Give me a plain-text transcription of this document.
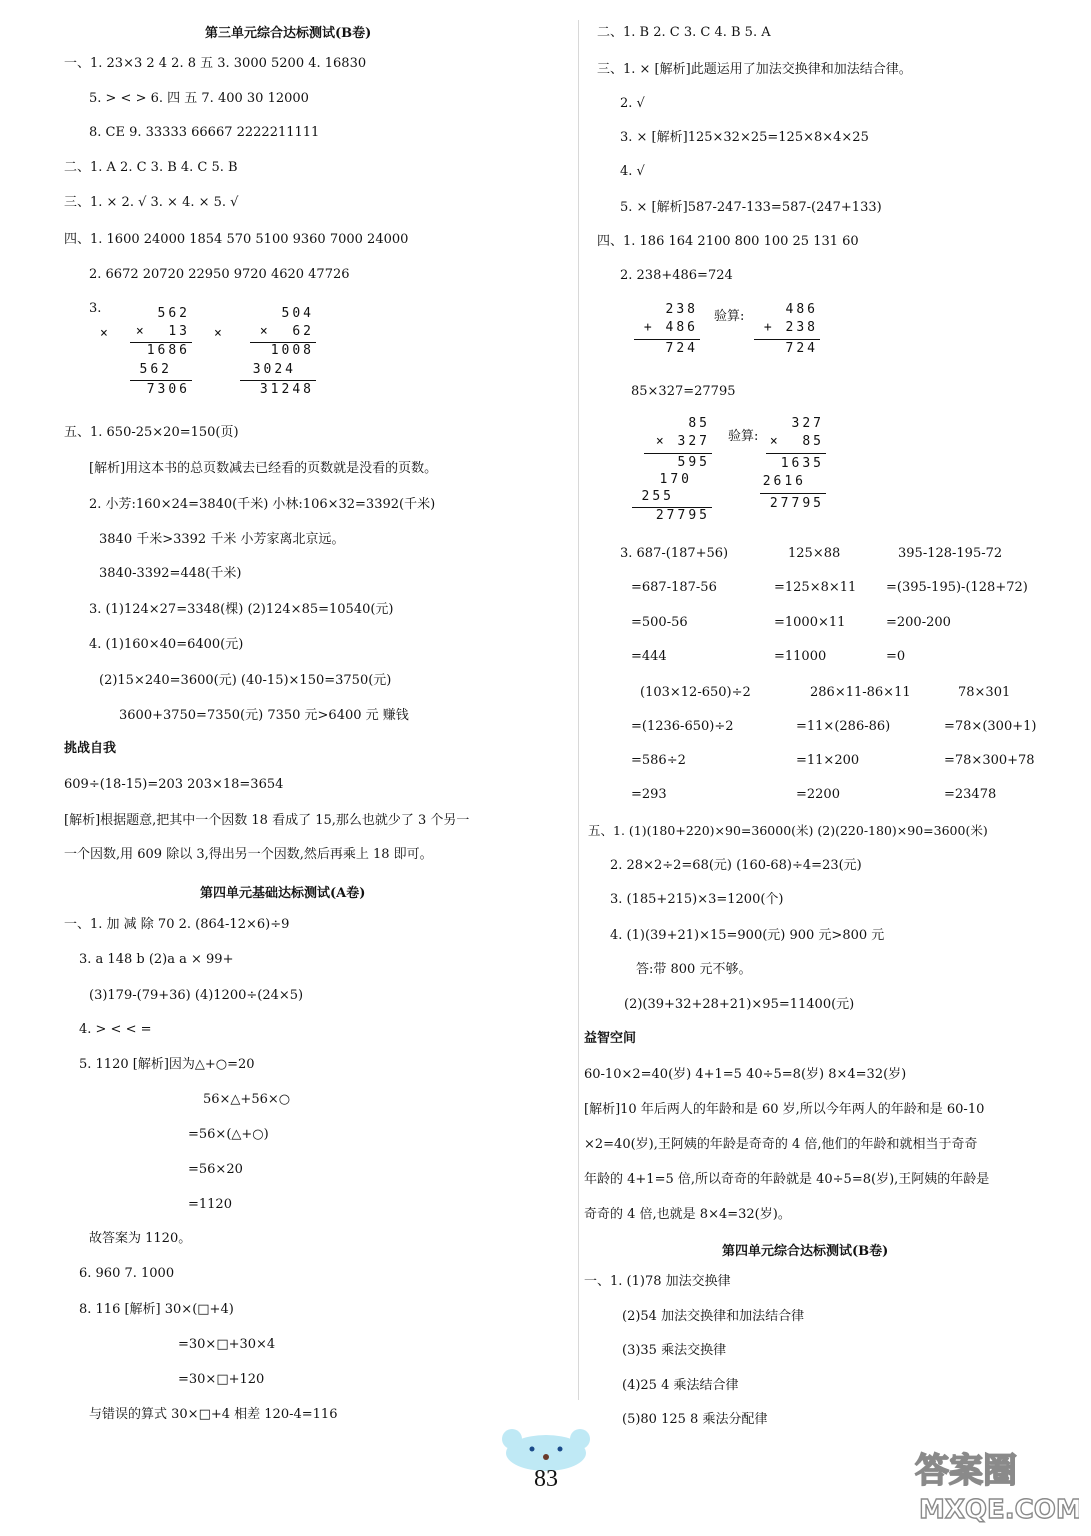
第三单元综合达标测试(B卷)
一、1. 23×3 2 4 2. 8 五 3. 3000 5200 4. 16830
5. > < > 6. 四 五 7. 400 30 12000
8. CE 9. 33333 66667 2222211111
二、1. A 2. C 3. B 4. C 5. B
三、1. × 2. √ 3. × 4. × 5. √
四、1. 1600 24000 1854 570 5100 9360 7000 24000
2. 6672 20720 22950 9720 4620 47726
3.
×
562
×  13
1686
562
7306
×
504
×  62
1008
3024
31248
五、1. 650-25×20=150(页)
[解析]用这本书的总页数减去已经看的页数就是没看的页数。
2. 小芳:160×24=3840(千米) 小林:106×32=3392(千米)
3840 千米>3392 千米 小芳家离北京远。
3840-3392=448(千米)
3. (1)124×27=3348(棵) (2)124×85=10540(元)
4. (1)160×40=6400(元)
(2)15×240=3600(元) (40-15)×150=3750(元)
3600+3750=7350(元) 7350 元>6400 元 赚钱
挑战自我
609÷(18-15)=203 203×18=3654
[解析]根据题意,把其中一个因数 18 看成了 15,那么也就少了 3 个另一
一个因数,用 609 除以 3,得出另一个因数,然后再乘上 18 即可。
第四单元基础达标测试(A卷)
一、1. 加 减 除 70 2. (864-12×6)÷9
3. a 148 b (2)a a × 99+
(3)179-(79+36) (4)1200÷(24×5)
4. > < < =
5. 1120 [解析]因为△+○=20
56×△+56×○
=56×(△+○)
=56×20
=1120
故答案为 1120。
6. 960 7. 1000
8. 116 [解析] 30×(□+4)
=30×□+30×4
=30×□+120
与错误的算式 30×□+4 相差 120-4=116
二、1. B 2. C 3. C 4. B 5. A
三、1. × [解析]此题运用了加法交换律和加法结合律。
2. √
3. × [解析]125×32×25=125×8×4×25
4. √
5. × [解析]587-247-133=587-(247+133)
四、1. 186 164 2100 800 100 25 131 60
2. 238+486=724
238
+ 486
724
验算:	486
+ 238
724
85×327=27795
85
× 327
595
170
255
27795
验算:
327
×  85
1635
2616
27795
3. 687-(187+56)	125×88	395-128-195-72
=687-187-56	=125×8×11 =(395-195)-(128+72)
=500-56	=1000×11	=200-200
=444	=11000	=0
(103×12-650)÷2	286×11-86×11	78×301
=(1236-650)÷2	=11×(286-86)	=78×(300+1)
=586÷2	=11×200	=78×300+78
=293	=2200	=23478
五、1. (1)(180+220)×90=36000(米) (2)(220-180)×90=3600(米)
2. 28×2÷2=68(元) (160-68)÷4=23(元)
3. (185+215)×3=1200(个)
4. (1)(39+21)×15=900(元) 900 元>800 元
答:带 800 元不够。
(2)(39+32+28+21)×95=11400(元)
益智空间
60-10×2=40(岁) 4+1=5 40÷5=8(岁) 8×4=32(岁)
[解析]10 年后两人的年龄和是 60 岁,所以今年两人的年龄和是 60-10
×2=40(岁),王阿姨的年龄是奇奇的 4 倍,他们的年龄和就相当于奇奇
年龄的 4+1=5 倍,所以奇奇的年龄就是 40÷5=8(岁),王阿姨的年龄是
奇奇的 4 倍,也就是 8×4=32(岁)。
第四单元综合达标测试(B卷)
一、1. (1)78 加法交换律
(2)54 加法交换律和加法结合律
(3)35 乘法交换律
(4)25 4 乘法结合律
(5)80 125 8 乘法分配律
83	答案圈
MXQE.COM
